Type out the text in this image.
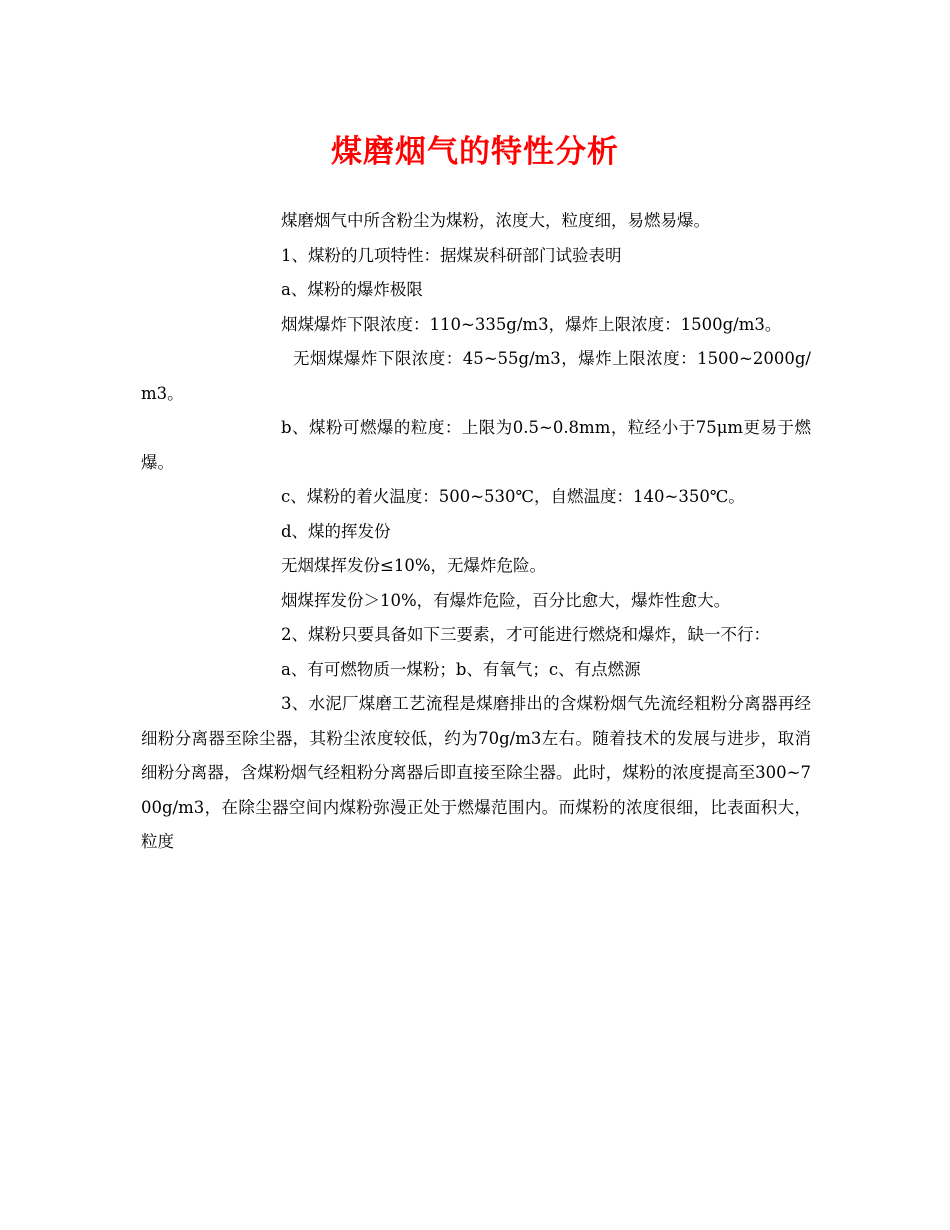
煤磨烟气的特性分析

煤磨烟气中所含粉尘为煤粉，浓度大，粒度细，易燃易爆。

1、煤粉的几项特性：据煤炭科研部门试验表明

a、煤粉的爆炸极限

烟煤爆炸下限浓度：110~335g/m3，爆炸上限浓度：1500g/m3。

无烟煤爆炸下限浓度：45~55g/m3，爆炸上限浓度：1500~2000g/m3。

b、煤粉可燃爆的粒度：上限为0.5~0.8mm，粒经小于75μm更易于燃爆。

c、煤粉的着火温度：500~530℃，自燃温度：140~350℃。

d、煤的挥发份

无烟煤挥发份≤10%，无爆炸危险。

烟煤挥发份＞10%，有爆炸危险，百分比愈大，爆炸性愈大。

2、煤粉只要具备如下三要素，才可能进行燃烧和爆炸，缺一不行：

a、有可燃物质一煤粉；b、有氧气；c、有点燃源

3、水泥厂煤磨工艺流程是煤磨排出的含煤粉烟气先流经粗粉分离器再经细粉分离器至除尘器，其粉尘浓度较低，约为70g/m3左右。随着技术的发展与进步，取消细粉分离器，含煤粉烟气经粗粉分离器后即直接至除尘器。此时，煤粉的浓度提高至300~700g/m3，在除尘器空间内煤粉弥漫正处于燃爆范围内。而煤粉的浓度很细，比表面积大，粒度
